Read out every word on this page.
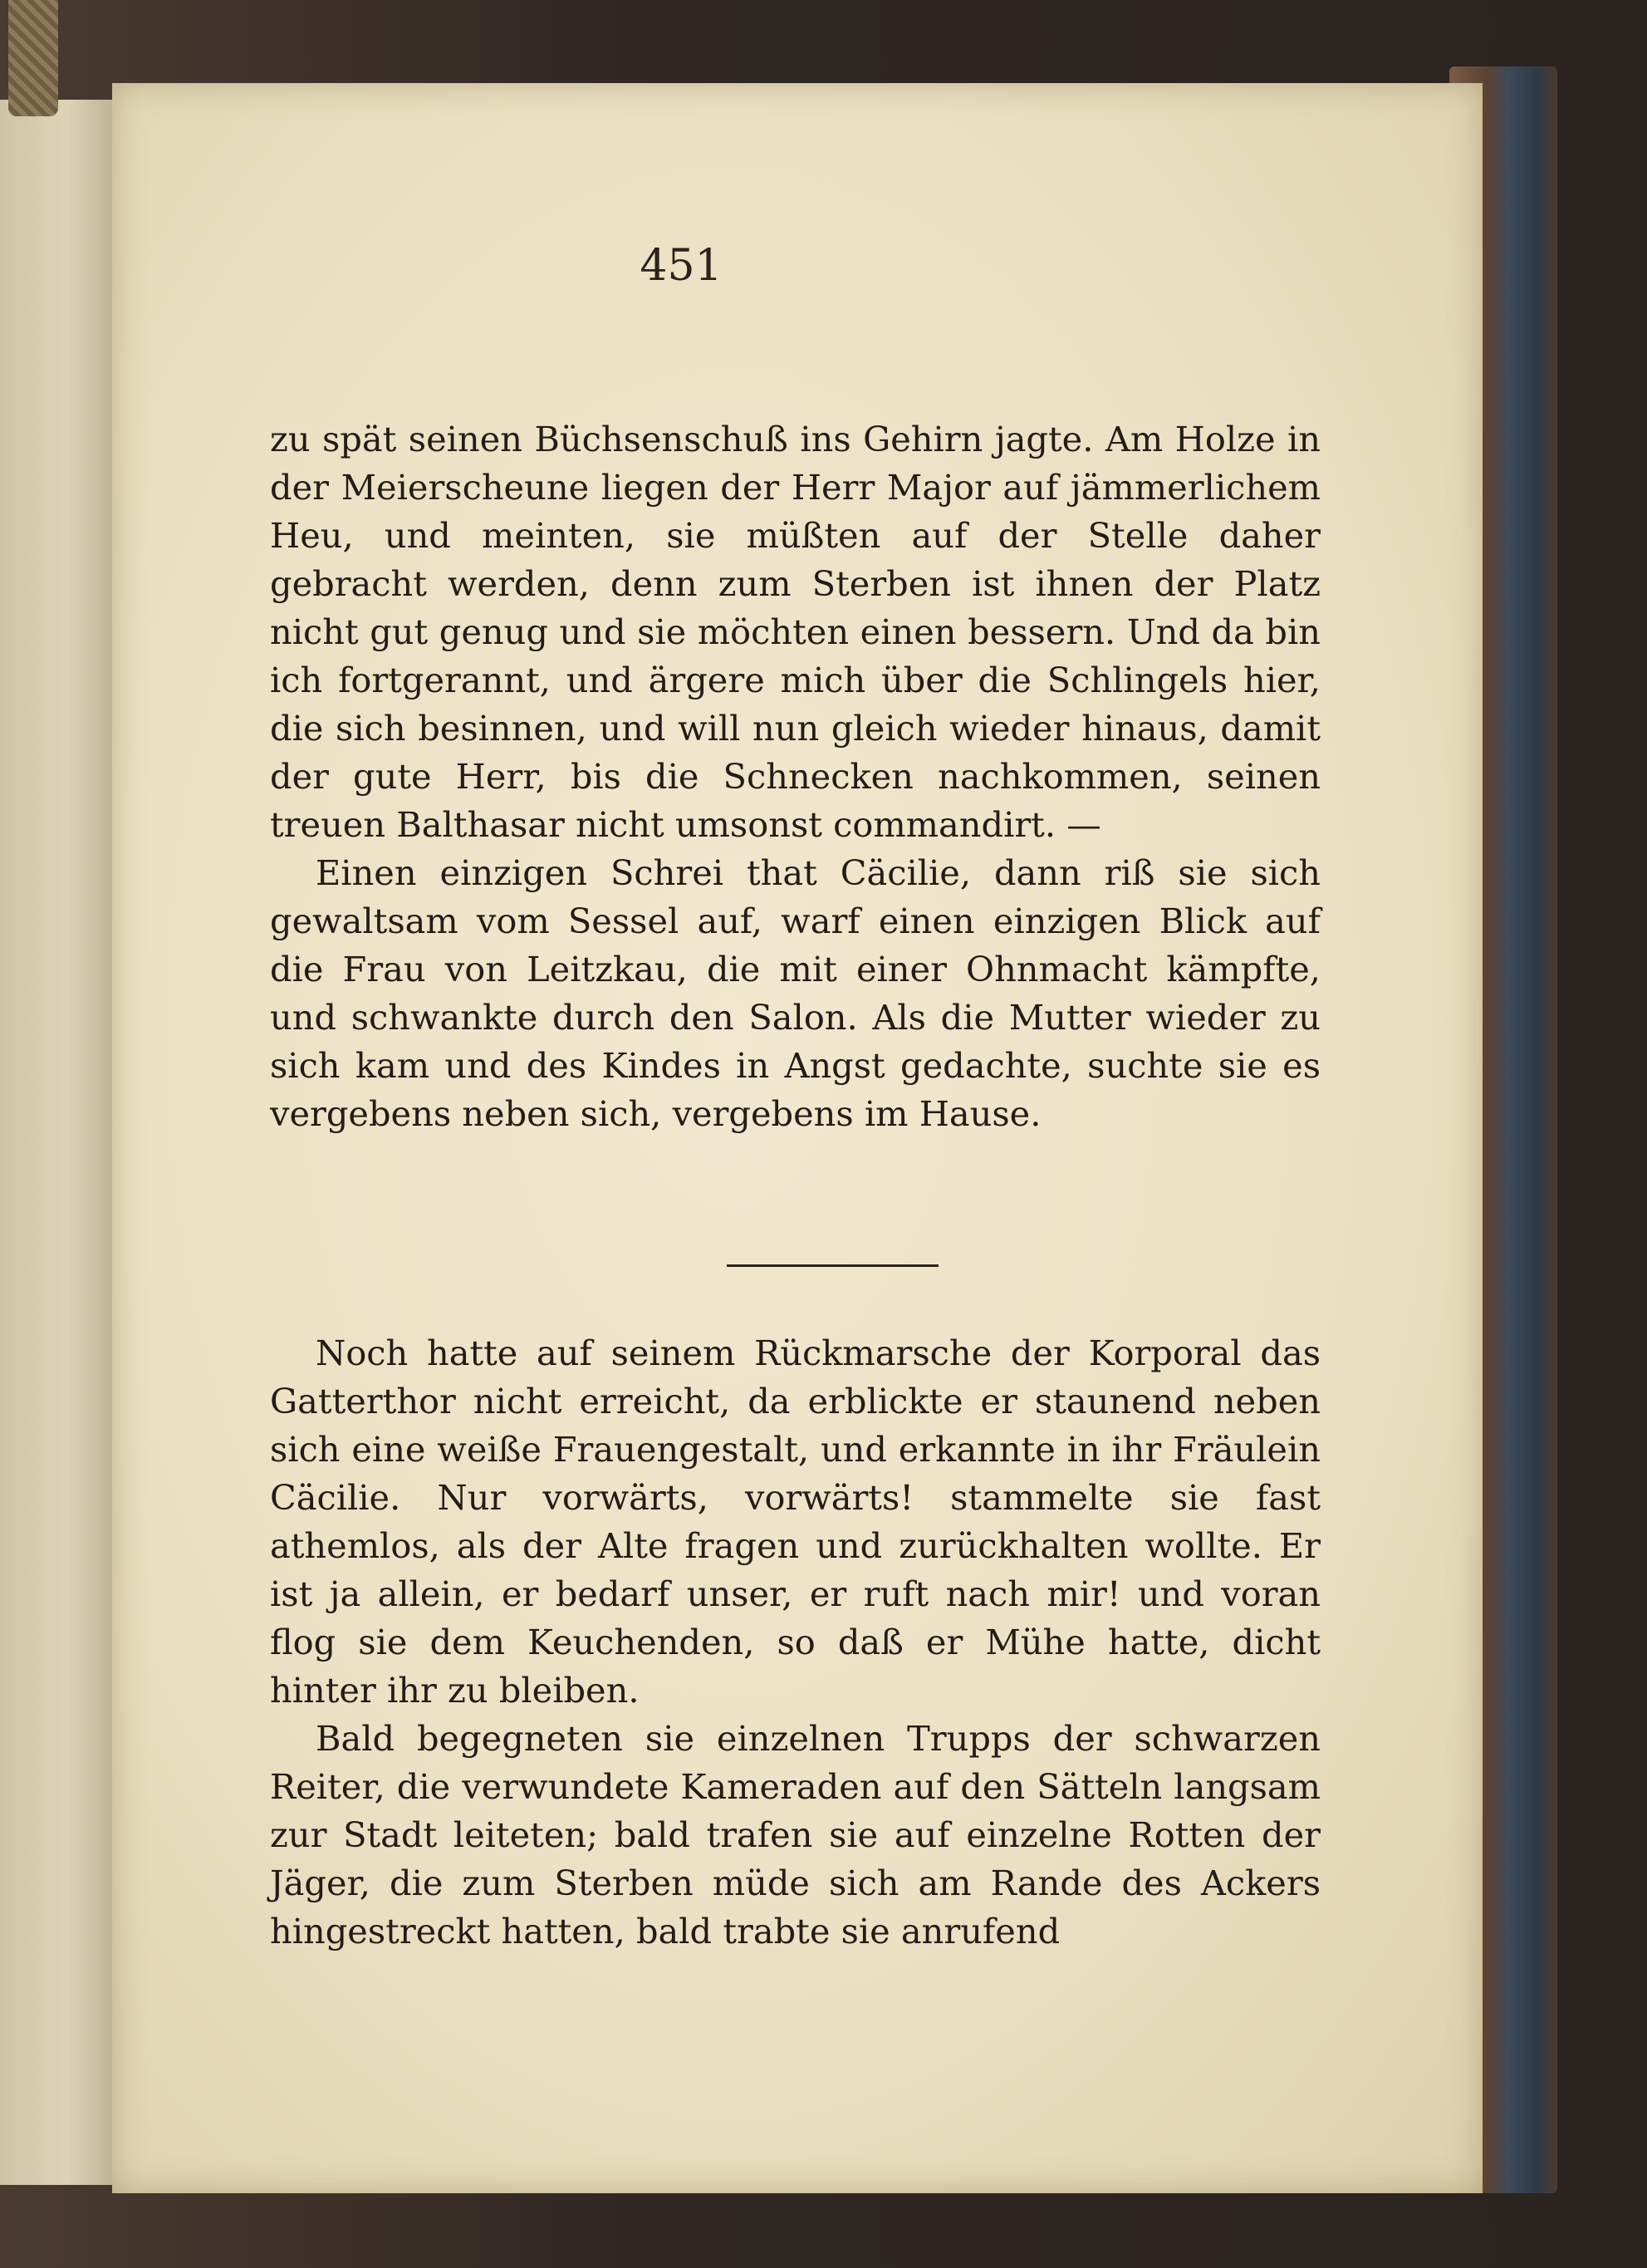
451

zu spät seinen Büchsenschuß ins Gehirn jagte. Am Holze in der Meierscheune liegen der Herr Major auf jämmerlichem Heu, und meinten, sie müßten auf der Stelle daher gebracht werden, denn zum Sterben ist ihnen der Platz nicht gut genug und sie möchten einen bessern. Und da bin ich fortgerannt, und ärgere mich über die Schlingels hier, die sich besinnen, und will nun gleich wieder hinaus, damit der gute Herr, bis die Schnecken nachkommen, seinen treuen Balthasar nicht umsonst commandirt. —

Einen einzigen Schrei that Cäcilie, dann riß sie sich gewaltsam vom Sessel auf, warf einen einzigen Blick auf die Frau von Leitzkau, die mit einer Ohnmacht kämpfte, und schwankte durch den Salon. Als die Mutter wieder zu sich kam und des Kindes in Angst gedachte, suchte sie es vergebens neben sich, vergebens im Hause.

Noch hatte auf seinem Rückmarsche der Korporal das Gatterthor nicht erreicht, da erblickte er staunend neben sich eine weiße Frauengestalt, und erkannte in ihr Fräulein Cäcilie. Nur vorwärts, vorwärts! stammelte sie fast athemlos, als der Alte fragen und zurückhalten wollte. Er ist ja allein, er bedarf unser, er ruft nach mir! und voran flog sie dem Keuchenden, so daß er Mühe hatte, dicht hinter ihr zu bleiben.

Bald begegneten sie einzelnen Trupps der schwarzen Reiter, die verwundete Kameraden auf den Sätteln langsam zur Stadt leiteten; bald trafen sie auf einzelne Rotten der Jäger, die zum Sterben müde sich am Rande des Ackers hingestreckt hatten, bald trabte sie anrufend
